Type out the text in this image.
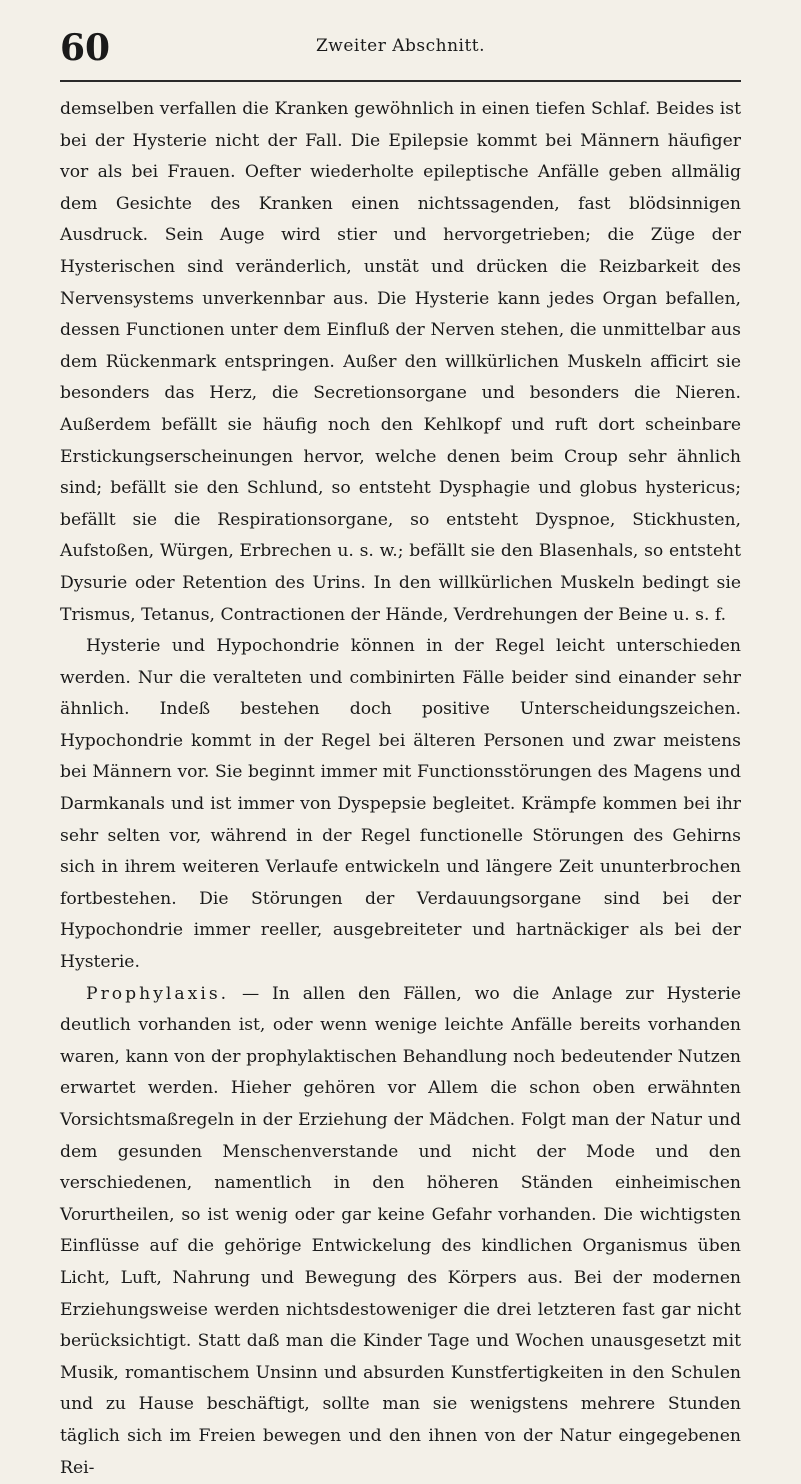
60	Zweiter Abschnitt.

demselben verfallen die Kranken gewöhnlich in einen tiefen Schlaf. Beides ist bei der Hysterie nicht der Fall. Die Epilepsie kommt bei Männern häufiger vor als bei Frauen. Oefter wiederholte epileptische Anfälle geben allmälig dem Gesichte des Kranken einen nichtssagenden, fast blödsinnigen Ausdruck. Sein Auge wird stier und hervorgetrieben; die Züge der Hysterischen sind veränderlich, unstät und drücken die Reizbarkeit des Nervensystems unverkennbar aus. Die Hysterie kann jedes Organ befallen, dessen Functionen unter dem Einfluß der Nerven stehen, die unmittelbar aus dem Rückenmark entspringen. Außer den willkürlichen Muskeln afficirt sie besonders das Herz, die Secretionsorgane und besonders die Nieren. Außerdem befällt sie häufig noch den Kehlkopf und ruft dort scheinbare Erstickungserscheinungen hervor, welche denen beim Croup sehr ähnlich sind; befällt sie den Schlund, so entsteht Dysphagie und globus hystericus; befällt sie die Respirationsorgane, so entsteht Dyspnoe, Stickhusten, Aufstoßen, Würgen, Erbrechen u. s. w.; befällt sie den Blasenhals, so entsteht Dysurie oder Retention des Urins. In den willkürlichen Muskeln bedingt sie Trismus, Tetanus, Contractionen der Hände, Verdrehungen der Beine u. s. f.

Hysterie und Hypochondrie können in der Regel leicht unterschieden werden. Nur die veralteten und combinirten Fälle beider sind einander sehr ähnlich. Indeß bestehen doch positive Unterscheidungszeichen. Hypochondrie kommt in der Regel bei älteren Personen und zwar meistens bei Männern vor. Sie beginnt immer mit Functionsstörungen des Magens und Darmkanals und ist immer von Dyspepsie begleitet. Krämpfe kommen bei ihr sehr selten vor, während in der Regel functionelle Störungen des Gehirns sich in ihrem weiteren Verlaufe entwickeln und längere Zeit ununterbrochen fortbestehen. Die Störungen der Verdauungsorgane sind bei der Hypochondrie immer reeller, ausgebreiteter und hartnäckiger als bei der Hysterie.

Prophylaxis. — In allen den Fällen, wo die Anlage zur Hysterie deutlich vorhanden ist, oder wenn wenige leichte Anfälle bereits vorhanden waren, kann von der prophylaktischen Behandlung noch bedeutender Nutzen erwartet werden. Hieher gehören vor Allem die schon oben erwähnten Vorsichtsmaßregeln in der Erziehung der Mädchen. Folgt man der Natur und dem gesunden Menschenverstande und nicht der Mode und den verschiedenen, namentlich in den höheren Ständen einheimischen Vorurtheilen, so ist wenig oder gar keine Gefahr vorhanden. Die wichtigsten Einflüsse auf die gehörige Entwickelung des kindlichen Organismus üben Licht, Luft, Nahrung und Bewegung des Körpers aus. Bei der modernen Erziehungsweise werden nichtsdestoweniger die drei letzteren fast gar nicht berücksichtigt. Statt daß man die Kinder Tage und Wochen unausgesetzt mit Musik, romantischem Unsinn und absurden Kunstfertigkeiten in den Schulen und zu Hause beschäftigt, sollte man sie wenigstens mehrere Stunden täglich sich im Freien bewegen und den ihnen von der Natur eingegebenen Rei-
